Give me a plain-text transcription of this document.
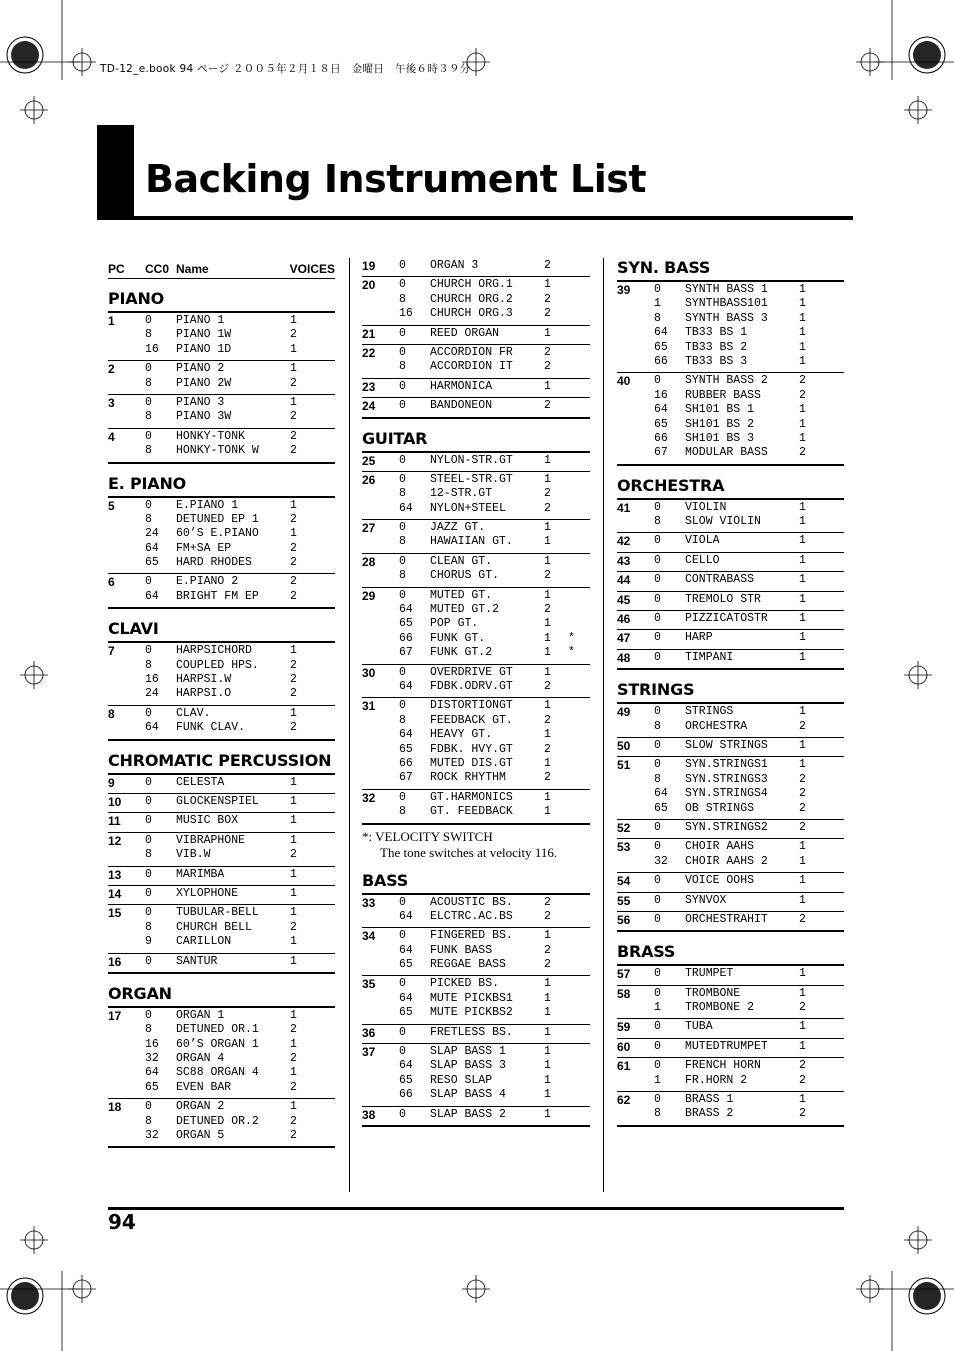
TD-12_e.book 94 ページ ２００５年２月１８日　金曜日　午後６時３９分
Backing Instrument List
PC	CC0 Name	VOICES
PIANO
1	0	PIANO 1	1
8	PIANO 1W	2
16	PIANO 1D	1
2	0	PIANO 2	1
8	PIANO 2W	2
3	0	PIANO 3	1
8	PIANO 3W	2
4	0	HONKY-TONK	2
8	HONKY-TONK W	2
E. PIANO
5	0	E.PIANO 1	1
8	DETUNED EP 1	2
24	60’S E.PIANO	1
64	FM+SA EP	2
65	HARD RHODES	2
6	0	E.PIANO 2	2
64	BRIGHT FM EP	2
CLAVI
7	0	HARPSICHORD	1
8	COUPLED HPS.	2
16	HARPSI.W	2
24	HARPSI.O	2
8	0	CLAV.	1
64	FUNK CLAV.	2
CHROMATIC PERCUSSION
9	0	CELESTA	1
10	0	GLOCKENSPIEL	1
11	0	MUSIC BOX	1
12	0	VIBRAPHONE	1
8	VIB.W	2
13	0	MARIMBA	1
14	0	XYLOPHONE	1
15	0	TUBULAR-BELL	1
8	CHURCH BELL	2
9	CARILLON	1
16	0	SANTUR	1
ORGAN
17	0	ORGAN 1	1
8	DETUNED OR.1	2
16	60’S ORGAN 1	1
32	ORGAN 4	2
64	SC88 ORGAN 4	1
65	EVEN BAR	2
18	0	ORGAN 2	1
8	DETUNED OR.2	2
32	ORGAN 5	2
19	0	ORGAN 3	2
20	0	CHURCH ORG.1	1
8	CHURCH ORG.2	2
16	CHURCH ORG.3	2
21	0	REED ORGAN	1
22	0	ACCORDION FR	2
8	ACCORDION IT	2
23	0	HARMONICA	1
24	0	BANDONEON	2
GUITAR
25	0	NYLON-STR.GT	1
26	0	STEEL-STR.GT	1
8	12-STR.GT	2
64	NYLON+STEEL	2
27	0	JAZZ GT.	1
8	HAWAIIAN GT.	1
28	0	CLEAN GT.	1
8	CHORUS GT.	2
29	0	MUTED GT.	1
64	MUTED GT.2	2
65	POP GT.	1
66	FUNK GT.	1	*
67	FUNK GT.2	1	*
30	0	OVERDRIVE GT	1
64	FDBK.ODRV.GT	2
31	0	DISTORTIONGT	1
8	FEEDBACK GT.	2
64	HEAVY GT.	1
65	FDBK. HVY.GT	2
66	MUTED DIS.GT	1
67	ROCK RHYTHM	2
32	0	GT.HARMONICS	1
8	GT. FEEDBACK	1
*: VELOCITY SWITCH
The tone switches at velocity 116.
BASS
33	0	ACOUSTIC BS.	2
64	ELCTRC.AC.BS	2
34	0	FINGERED BS.	1
64	FUNK BASS	2
65	REGGAE BASS	2
35	0	PICKED BS.	1
64	MUTE PICKBS1	1
65	MUTE PICKBS2	1
36	0	FRETLESS BS.	1
37	0	SLAP BASS 1	1
64	SLAP BASS 3	1
65	RESO SLAP	1
66	SLAP BASS 4	1
38	0	SLAP BASS 2	1
SYN. BASS
39	0	SYNTH BASS 1	1
1	SYNTHBASS101	1
8	SYNTH BASS 3	1
64	TB33 BS 1	1
65	TB33 BS 2	1
66	TB33 BS 3	1
40	0	SYNTH BASS 2	2
16	RUBBER BASS	2
64	SH101 BS 1	1
65	SH101 BS 2	1
66	SH101 BS 3	1
67	MODULAR BASS	2
ORCHESTRA
41	0	VIOLIN	1
8	SLOW VIOLIN	1
42	0	VIOLA	1
43	0	CELLO	1
44	0	CONTRABASS	1
45	0	TREMOLO STR	1
46	0	PIZZICATOSTR	1
47	0	HARP	1
48	0	TIMPANI	1
STRINGS
49	0	STRINGS	1
8	ORCHESTRA	2
50	0	SLOW STRINGS	1
51	0	SYN.STRINGS1	1
8	SYN.STRINGS3	2
64	SYN.STRINGS4	2
65	OB STRINGS	2
52	0	SYN.STRINGS2	2
53	0	CHOIR AAHS	1
32	CHOIR AAHS 2	1
54	0	VOICE OOHS	1
55	0	SYNVOX	1
56	0	ORCHESTRAHIT	2
BRASS
57	0	TRUMPET	1
58	0	TROMBONE	1
1	TROMBONE 2	2
59	0	TUBA	1
60	0	MUTEDTRUMPET	1
61	0	FRENCH HORN	2
1	FR.HORN 2	2
62	0	BRASS 1	1
8	BRASS 2	2
94
